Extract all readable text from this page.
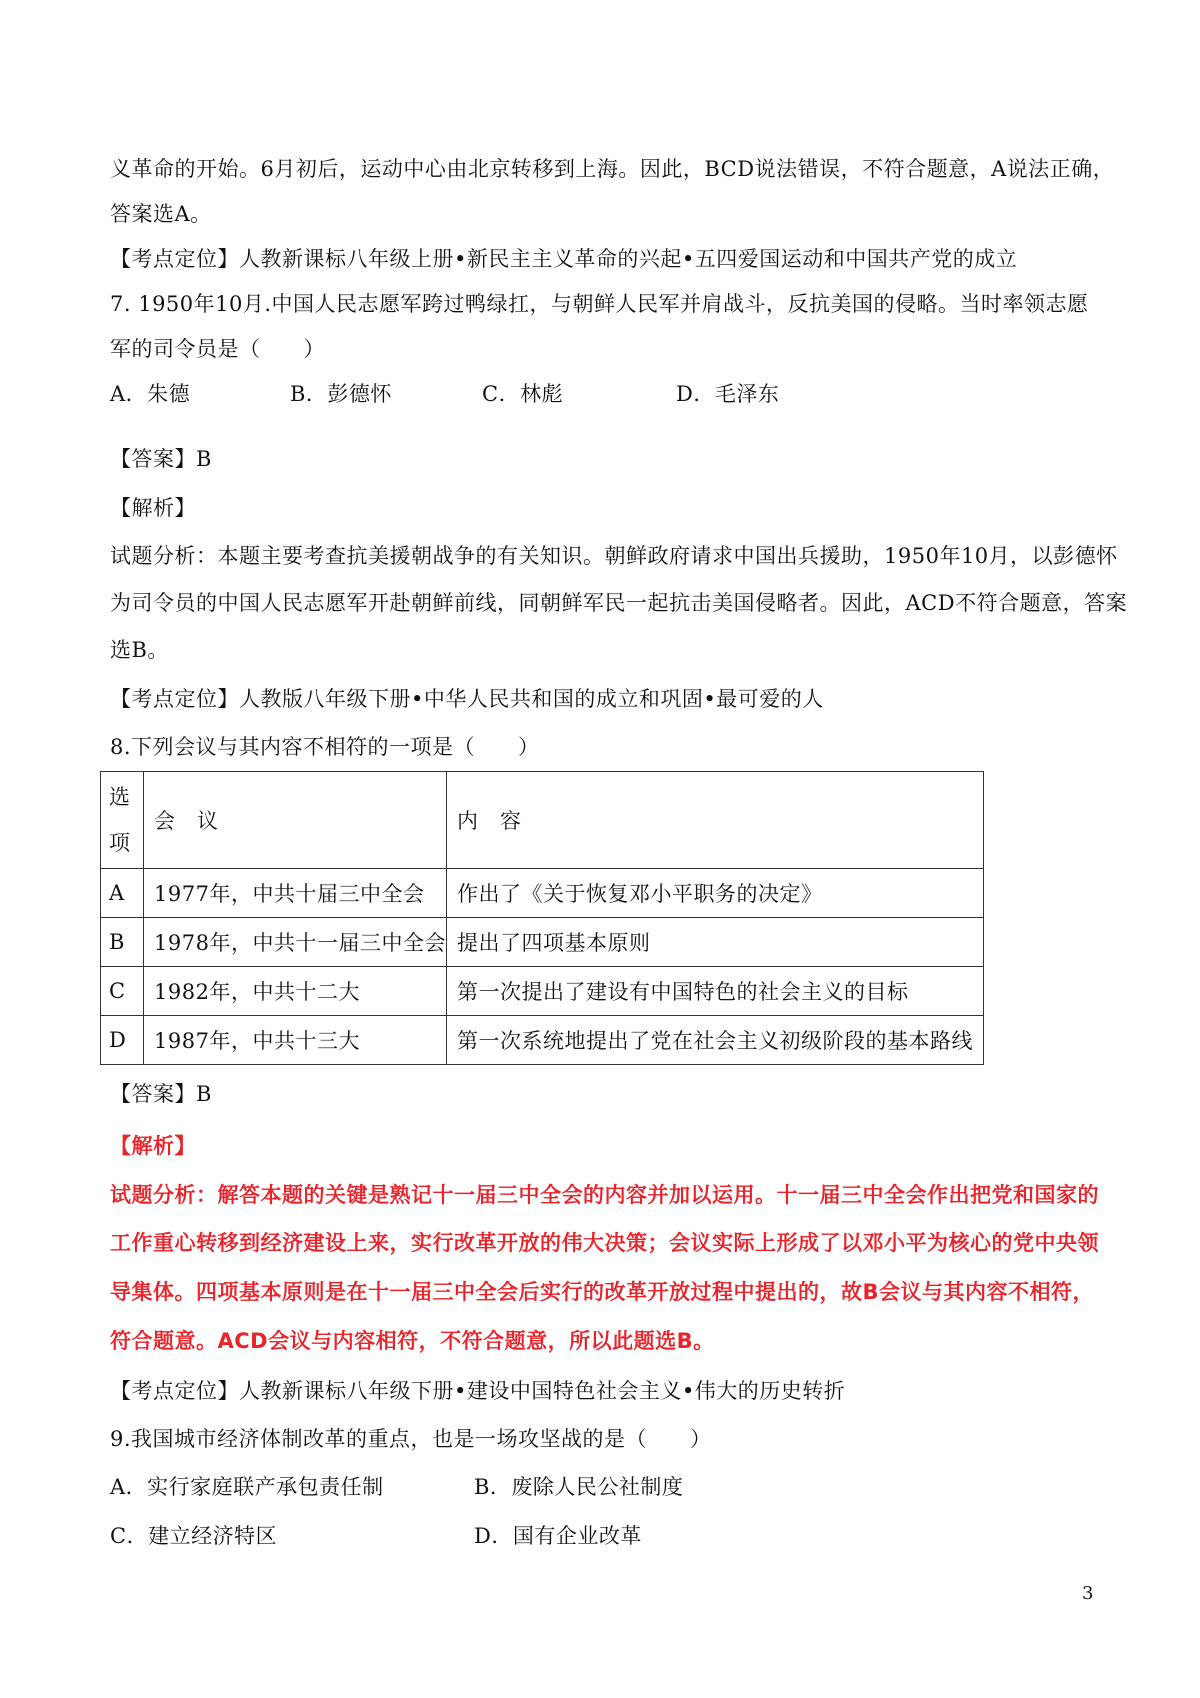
义革命的开始。6月初后，运动中心由北京转移到上海。因此，BCD说法错误，不符合题意，A说法正确，
答案选A。
【考点定位】人教新课标八年级上册•新民主主义革命的兴起•五四爱国运动和中国共产党的成立
7. 1950年10月.中国人民志愿军跨过鸭绿扛，与朝鲜人民军并肩战斗，反抗美国的侵略。当时率领志愿
军的司令员是（　　）
A．朱德	B．彭德怀	C．林彪	D．毛泽东
【答案】B
【解析】
试题分析：本题主要考查抗美援朝战争的有关知识。朝鲜政府请求中国出兵援助，1950年10月，以彭德怀
为司令员的中国人民志愿军开赴朝鲜前线，同朝鲜军民一起抗击美国侵略者。因此，ACD不符合题意，答案
选B。
【考点定位】人教版八年级下册•中华人民共和国的成立和巩固•最可爱的人
8.下列会议与其内容不相符的一项是（　　）
选
项	会　议	内　容
A	1977年，中共十届三中全会	作出了《关于恢复邓小平职务的决定》
B	1978年，中共十一届三中全会	提出了四项基本原则
C	1982年，中共十二大	第一次提出了建设有中国特色的社会主义的目标
D	1987年，中共十三大	第一次系统地提出了党在社会主义初级阶段的基本路线
【答案】B
【解析】
试题分析：解答本题的关键是熟记十一届三中全会的内容并加以运用。十一届三中全会作出把党和国家的
工作重心转移到经济建设上来，实行改革开放的伟大决策；会议实际上形成了以邓小平为核心的党中央领
导集体。四项基本原则是在十一届三中全会后实行的改革开放过程中提出的，故B会议与其内容不相符，
符合题意。ACD会议与内容相符，不符合题意，所以此题选B。
【考点定位】人教新课标八年级下册•建设中国特色社会主义•伟大的历史转折
9.我国城市经济体制改革的重点，也是一场攻坚战的是（　　）
A．实行家庭联产承包责任制	B．废除人民公社制度
C．建立经济特区	D．国有企业改革
3
